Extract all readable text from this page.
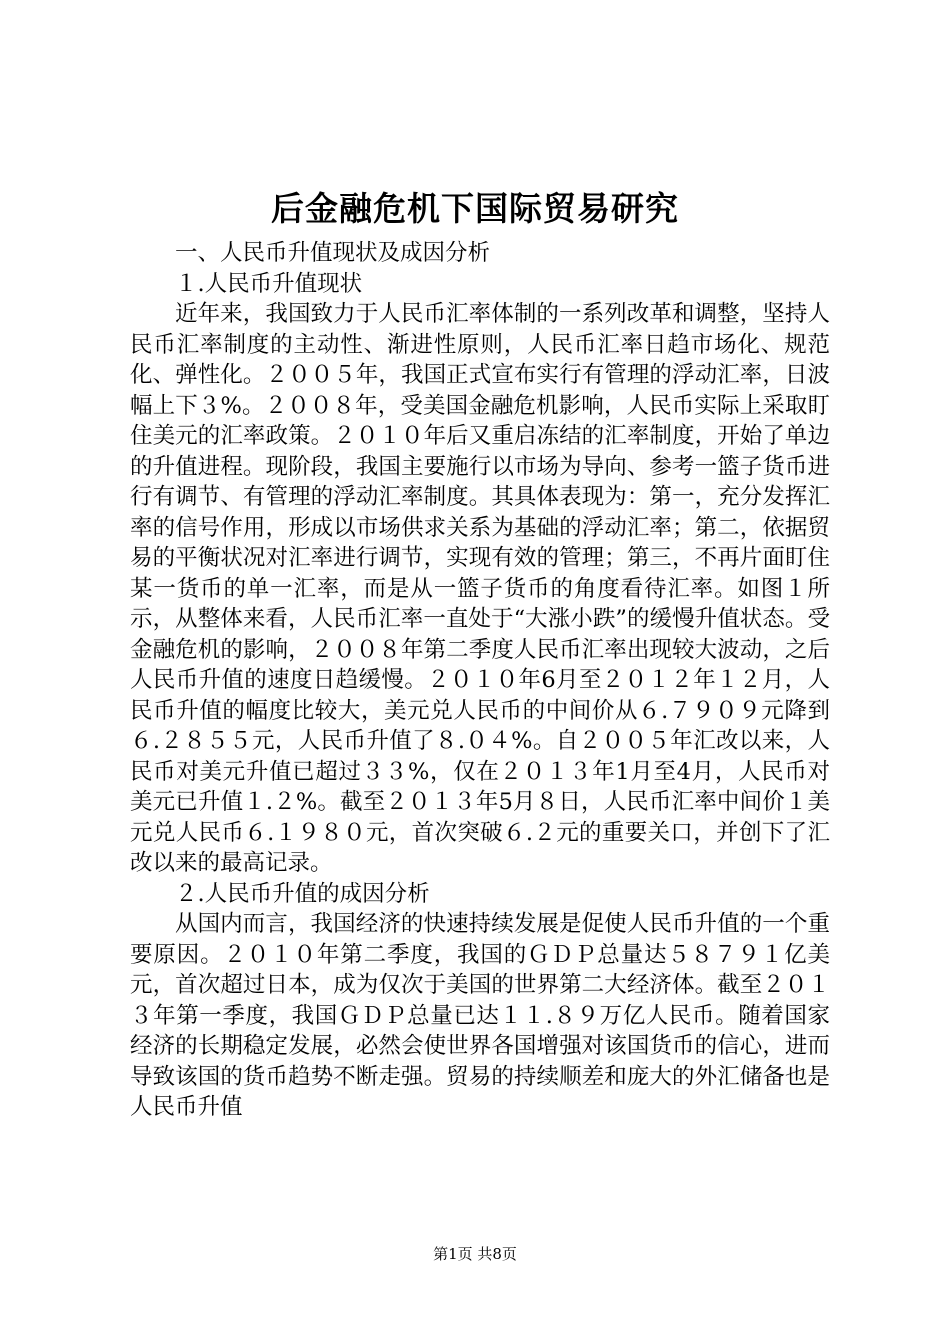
后金融危机下国际贸易研究

一、人民币升值现状及成因分析

１.人民币升值现状

近年来，我国致力于人民币汇率体制的一系列改革和调整，坚持人民币汇率制度的主动性、渐进性原则，人民币汇率日趋市场化、规范化、弹性化。２００５年，我国正式宣布实行有管理的浮动汇率，日波幅上下３%。２００８年，受美国金融危机影响，人民币实际上采取盯住美元的汇率政策。２０１０年后又重启冻结的汇率制度，开始了单边的升值进程。现阶段，我国主要施行以市场为导向、参考一篮子货币进行有调节、有管理的浮动汇率制度。其具体表现为：第一，充分发挥汇率的信号作用，形成以市场供求关系为基础的浮动汇率；第二，依据贸易的平衡状况对汇率进行调节，实现有效的管理；第三，不再片面盯住某一货币的单一汇率，而是从一篮子货币的角度看待汇率。如图１所示，从整体来看，人民币汇率一直处于“大涨小跌”的缓慢升值状态。受金融危机的影响，２００８年第二季度人民币汇率出现较大波动，之后人民币升值的速度日趋缓慢。２０１０年6月至２０１２年１２月，人民币升值的幅度比较大，美元兑人民币的中间价从６.７９０９元降到６.２８５５元，人民币升值了８.０４%。自２００５年汇改以来，人民币对美元升值已超过３３%，仅在２０１３年1月至4月，人民币对美元已升值１.２%。截至２０１３年5月８日，人民币汇率中间价１美元兑人民币６.１９８０元，首次突破６.２元的重要关口，并创下了汇改以来的最高记录。

２.人民币升值的成因分析

从国内而言，我国经济的快速持续发展是促使人民币升值的一个重要原因。２０１０年第二季度，我国的ＧＤＰ总量达５８７９１亿美元，首次超过日本，成为仅次于美国的世界第二大经济体。截至２０１３年第一季度，我国ＧＤＰ总量已达１１.８９万亿人民币。随着国家经济的长期稳定发展，必然会使世界各国增强对该国货币的信心，进而导致该国的货币趋势不断走强。贸易的持续顺差和庞大的外汇储备也是人民币升值

第1页 共8页
